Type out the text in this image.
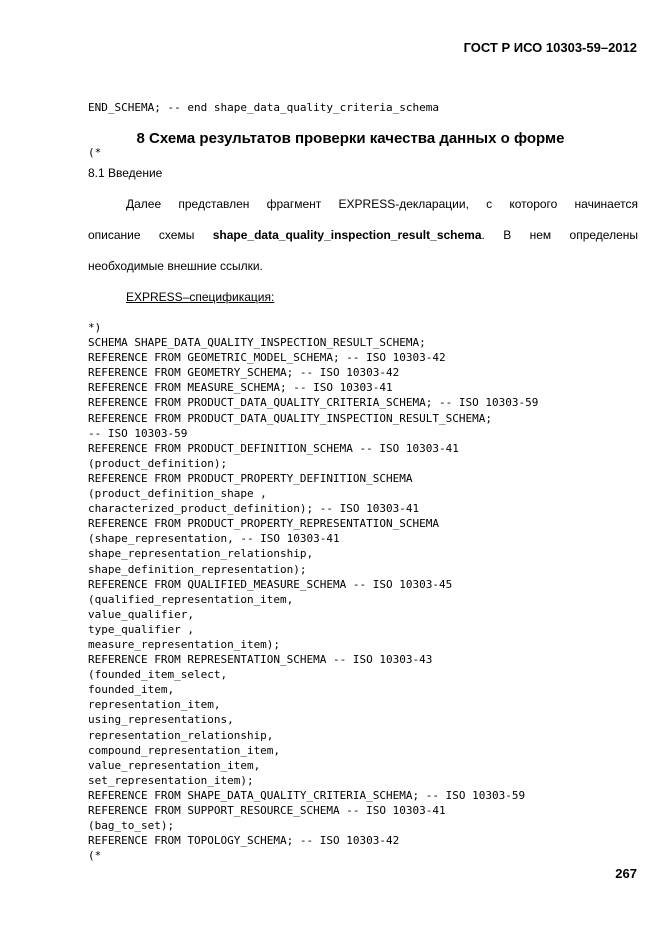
ГОСТ Р ИСО 10303-59–2012

END_SCHEMA; -- end shape_data_quality_criteria_schema

(*

8 Схема результатов проверки качества данных о форме
8.1 Введение
Далее представлен фрагмент EXPRESS-декларации, с которого начинается
описание схемы shape_data_quality_inspection_result_schema. В нем определены
необходимые внешние ссылки.
EXPRESS–спецификация:
*)
SCHEMA SHAPE_DATA_QUALITY_INSPECTION_RESULT_SCHEMA;
REFERENCE FROM GEOMETRIC_MODEL_SCHEMA; -- ISO 10303-42
REFERENCE FROM GEOMETRY_SCHEMA; -- ISO 10303-42
REFERENCE FROM MEASURE_SCHEMA; -- ISO 10303-41
REFERENCE FROM PRODUCT_DATA_QUALITY_CRITERIA_SCHEMA; -- ISO 10303-59
REFERENCE FROM PRODUCT_DATA_QUALITY_INSPECTION_RESULT_SCHEMA;
-- ISO 10303-59
REFERENCE FROM PRODUCT_DEFINITION_SCHEMA -- ISO 10303-41
(product_definition);
REFERENCE FROM PRODUCT_PROPERTY_DEFINITION_SCHEMA
(product_definition_shape ,
characterized_product_definition); -- ISO 10303-41
REFERENCE FROM PRODUCT_PROPERTY_REPRESENTATION_SCHEMA
(shape_representation, -- ISO 10303-41
shape_representation_relationship,
shape_definition_representation);
REFERENCE FROM QUALIFIED_MEASURE_SCHEMA -- ISO 10303-45
(qualified_representation_item,
value_qualifier,
type_qualifier ,
measure_representation_item);
REFERENCE FROM REPRESENTATION_SCHEMA -- ISO 10303-43
(founded_item_select,
founded_item,
representation_item,
using_representations,
representation_relationship,
compound_representation_item,
value_representation_item,
set_representation_item);
REFERENCE FROM SHAPE_DATA_QUALITY_CRITERIA_SCHEMA; -- ISO 10303-59
REFERENCE FROM SUPPORT_RESOURCE_SCHEMA -- ISO 10303-41
(bag_to_set);
REFERENCE FROM TOPOLOGY_SCHEMA; -- ISO 10303-42
(*
267
